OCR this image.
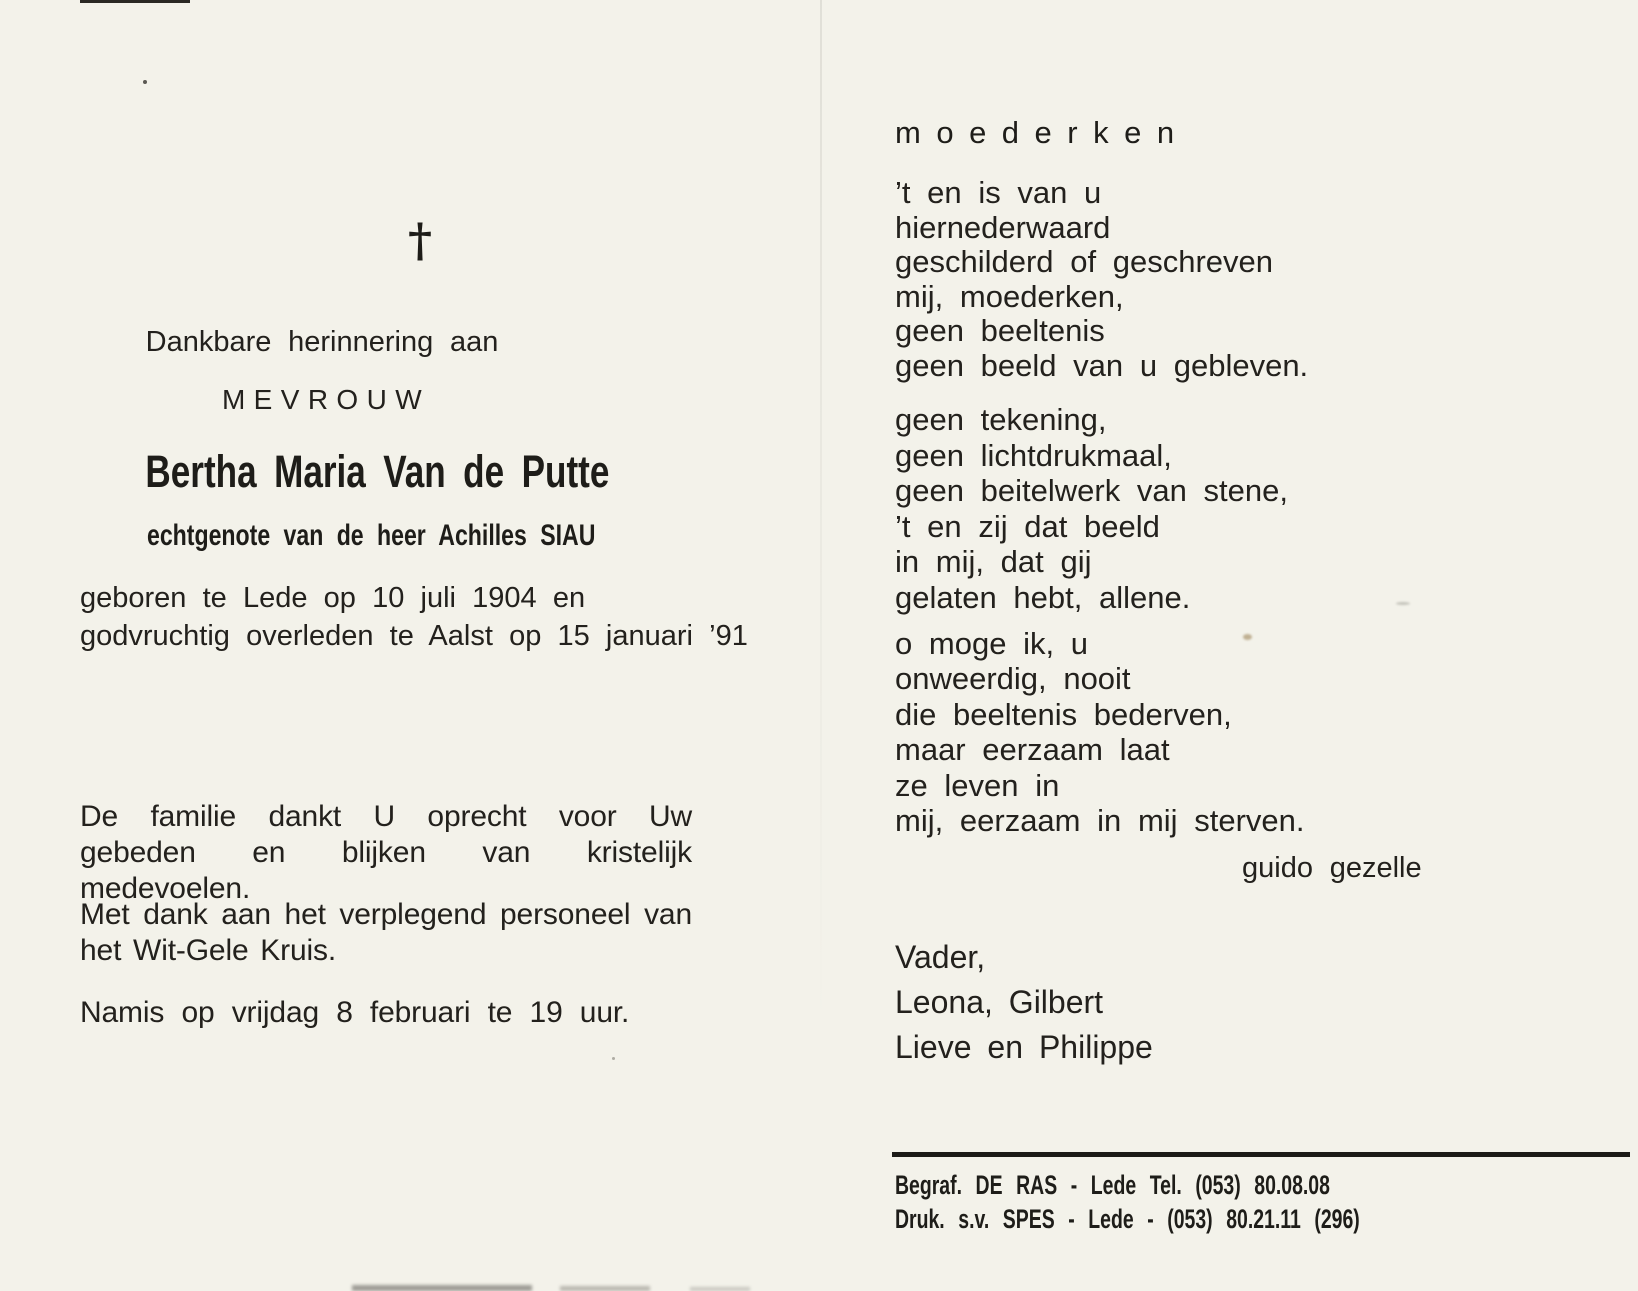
†
Dankbare herinnering aan
MEVROUW
Bertha Maria Van de Putte
echtgenote van de heer Achilles SIAU
geboren te Lede op 10 juli 1904 en
godvruchtig overleden te Aalst op 15 januari ’91

De familie dankt U oprecht voor Uw gebeden en blijken van kristelijk medevoelen.

Met dank aan het verplegend personeel van het Wit-Gele Kruis.

Namis op vrijdag 8 februari te 19 uur.

moederken
’t en is van u
hiernederwaard
geschilderd of geschreven
mij, moederken,
geen beeltenis
geen beeld van u gebleven.
geen tekening,
geen lichtdrukmaal,
geen beitelwerk van stene,
’t en zij dat beeld
in mij, dat gij
gelaten hebt, allene.
o moge ik, u
onweerdig, nooit
die beeltenis bederven,
maar eerzaam laat
ze leven in
mij, eerzaam in mij sterven.
guido gezelle
Vader,
Leona, Gilbert
Lieve en Philippe
Begraf. DE RAS - Lede Tel. (053) 80.08.08
Druk. s.v. SPES - Lede - (053) 80.21.11 (296)
